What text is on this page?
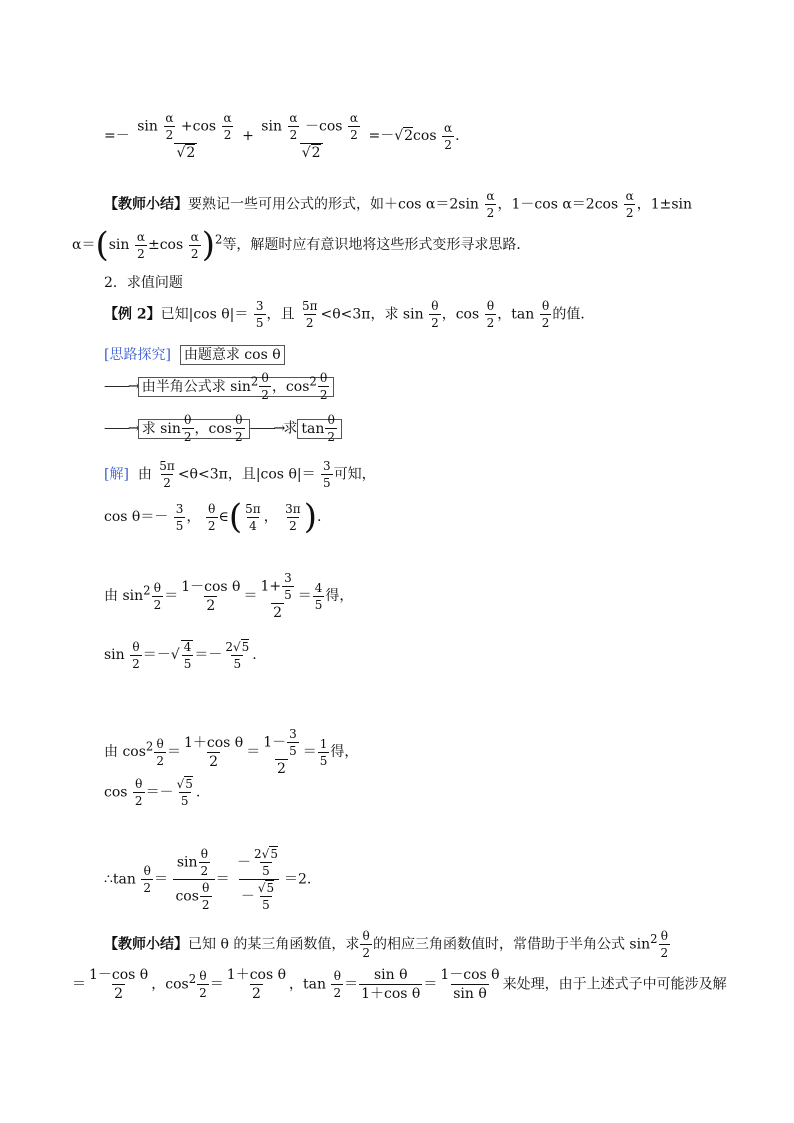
=－ $\frac{\sin \frac{\alpha}{2} +\cos \frac{\alpha}{2}}{√2} + \frac{\sin \frac{\alpha}{2} -\cos \frac{\alpha}{2}}{√2} =-√2\cos \frac{\alpha}{2}$ .
【教师小结】要熟记一些可用公式的形式，如＋cos $\alpha=2\sin \frac{\alpha}{2}$ ，1－cos $\alpha=2\cos \frac{\alpha}{2}$ ，1±sin
$\alpha=(\sin \frac{\alpha}{2} \pm\cos \frac{\alpha}{2} )^2$等，解题时应有意识地将这些形式变形寻求思路．
2．求值问题
【例 2】已知|cos $\theta|= \frac{3}{5}$ ，且 $\frac{5\pi}{2} <\theta<3\pi$，求 $\sin \frac{\theta}{2}$ ，$\cos \frac{\theta}{2}$ ，$\tan \frac{\theta}{2}$ 的值．
[思路探究] 由题意求 cos θ
——→ 由半角公式求 $\sin^2 \frac{\theta}{2}$ ，$\cos^2 \frac{\theta}{2}$
——→ 求 $\sin \frac{\theta}{2}$ ，$\cos \frac{\theta}{2}$ ——→求 $\tan \frac{\theta}{2}$
[解] 由 $\frac{5\pi}{2} <\theta<3\pi$，且|cos $\theta|= \frac{3}{5}$ 可知，
$\cos \theta=- \frac{3}{5}$ ， $\frac{\theta}{2}$ ∈( $\frac{5\pi}{4}$ ， $\frac{3\pi}{2}$ ).
由 $\sin^2 \frac{\theta}{2} = \frac{\text{1－cos θ}}{2} = \frac{1+ \frac{3}{5}}{2} = \frac{4}{5}$ 得，
$\sin \frac{\theta}{2}$ ＝－√ $\frac{4}{5} =- \frac{2√5}{5}$ .
由 $\cos^2 \frac{\theta}{2} = \frac{\text{1＋cos θ}}{2} = \frac{1- \frac{3}{5}}{2} = \frac{1}{5}$ 得，
$\cos \frac{\theta}{2} =- \frac{√5}{5}$ .
∴tan $\frac{\theta}{2} = \frac{\sin \frac{\theta}{2}}{\cos \frac{\theta}{2}} = \frac{- \frac{2√5}{5}}{- \frac{√5}{5}} =2$.
【教师小结】已知 θ 的某三角函数值，求 $\frac{\theta}{2}$ 的相应三角函数值时，常借助于半角公式 $\sin^2 \frac{\theta}{2}$
＝ $\frac{\text{1－cos θ}}{2}$ ，$\cos^2 \frac{\theta}{2} = \frac{\text{1＋cos θ}}{2}$ ，$\tan \frac{\theta}{2} = \frac{\text{sin θ}}{\text{1＋cos θ}} = \frac{\text{1－cos θ}}{\text{sin θ}}$ 来处理，由于上述式子中可能涉及解
